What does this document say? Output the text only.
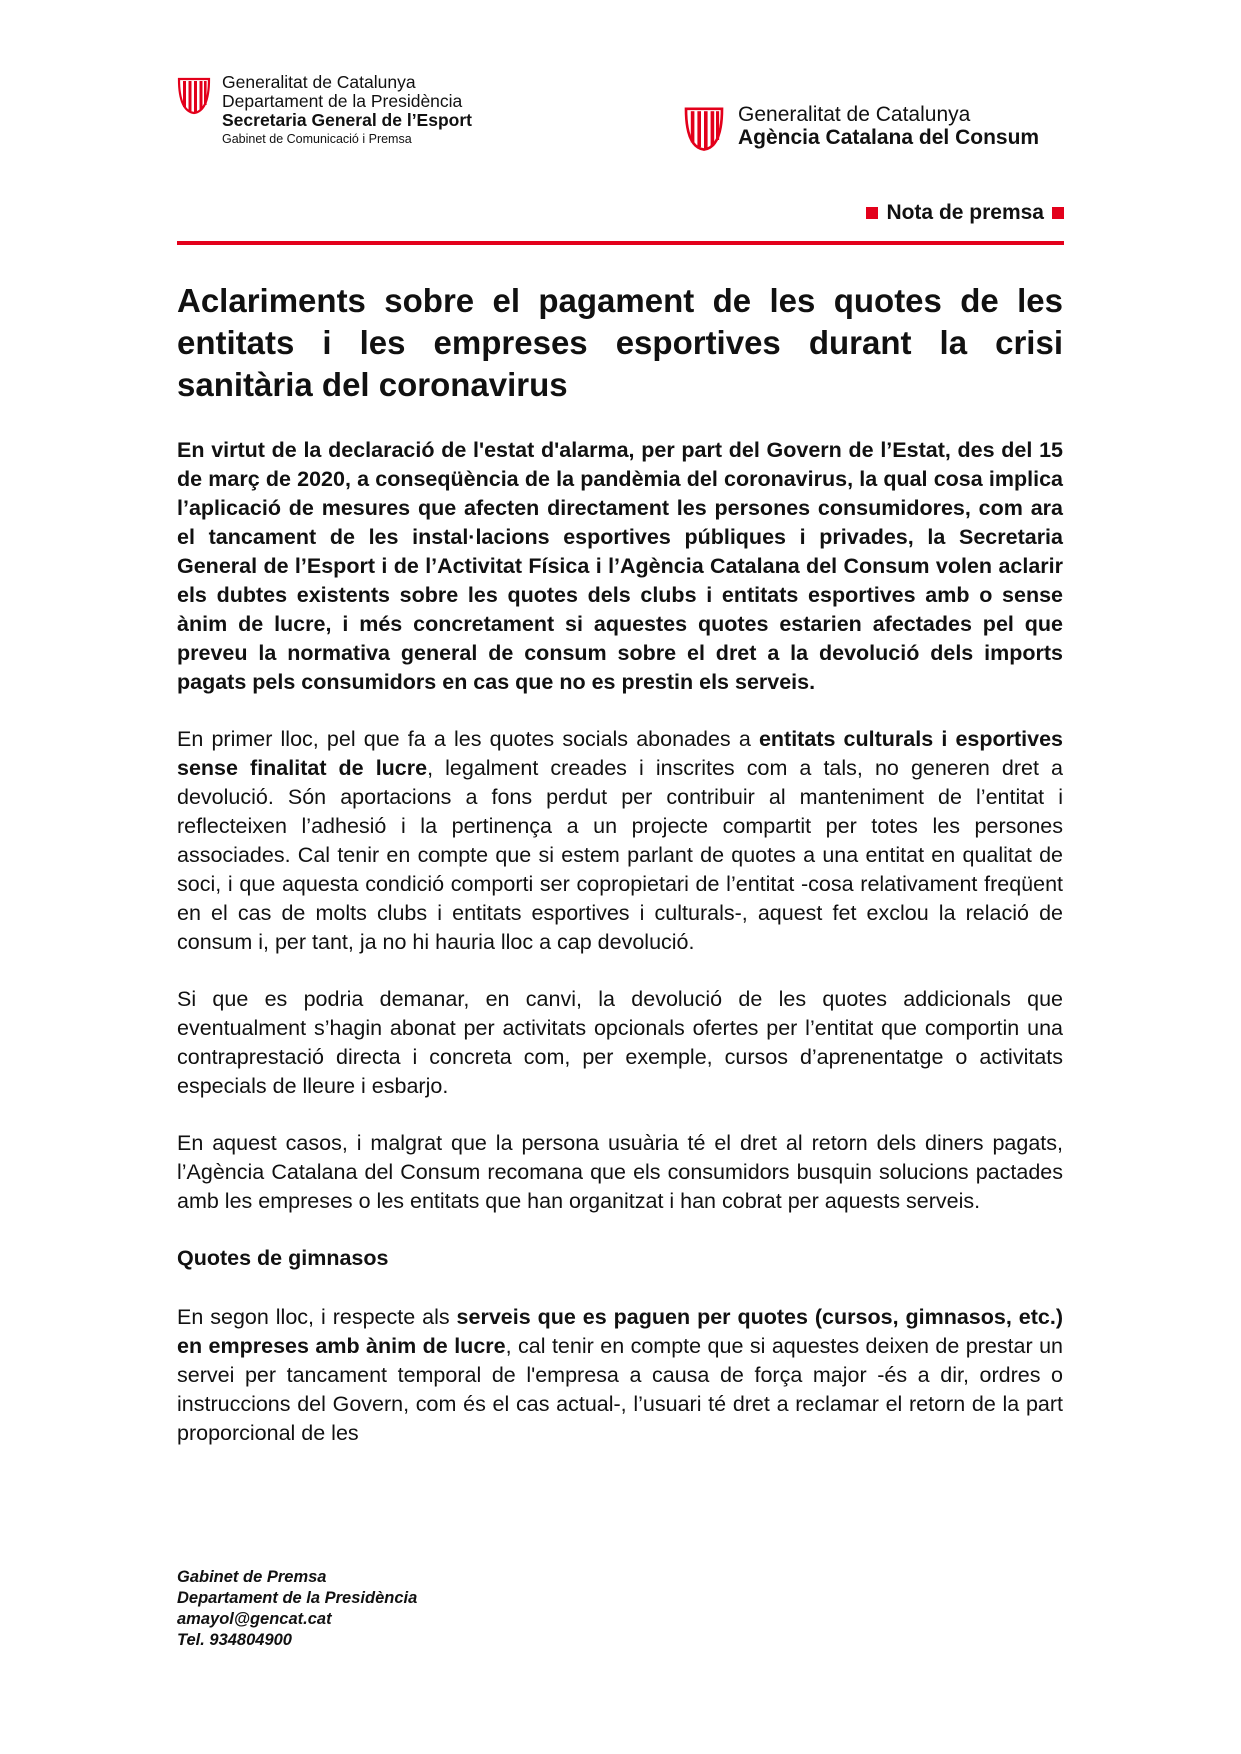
Generalitat de Catalunya
Departament de la Presidència
Secretaria General de l’Esport
Gabinet de Comunicació i Premsa
Generalitat de Catalunya
Agència Catalana del Consum
Nota de premsa
Aclariments sobre el pagament de les quotes de les entitats i les empreses esportives durant la crisi sanitària del coronavirus

En virtut de la declaració de l'estat d'alarma, per part del Govern de l’Estat, des del 15 de març de 2020, a conseqüència de la pandèmia del coronavirus, la qual cosa implica l’aplicació de mesures que afecten directament les persones consumidores, com ara el tancament de les instal·lacions esportives públiques i privades, la Secretaria General de l’Esport i de l’Activitat Física i l’Agència Catalana del Consum volen aclarir els dubtes existents sobre les quotes dels clubs i entitats esportives amb o sense ànim de lucre, i més concretament si aquestes quotes estarien afectades pel que preveu la normativa general de consum sobre el dret a la devolució dels imports pagats pels consumidors en cas que no es prestin els serveis.

En primer lloc, pel que fa a les quotes socials abonades a entitats culturals i esportives sense finalitat de lucre, legalment creades i inscrites com a tals, no generen dret a devolució. Són aportacions a fons perdut per contribuir al manteniment de l’entitat i reflecteixen l’adhesió i la pertinença a un projecte compartit per totes les persones associades. Cal tenir en compte que si estem parlant de quotes a una entitat en qualitat de soci, i que aquesta condició comporti ser copropietari de l’entitat -cosa relativament freqüent en el cas de molts clubs i entitats esportives i culturals-, aquest fet exclou la relació de consum i, per tant, ja no hi hauria lloc a cap devolució.

Si que es podria demanar, en canvi, la devolució de les quotes addicionals que eventualment s’hagin abonat per activitats opcionals ofertes per l’entitat que comportin una contraprestació directa i concreta com, per exemple, cursos d’aprenentatge o activitats especials de lleure i esbarjo.

En aquest casos, i malgrat que la persona usuària té el dret al retorn dels diners pagats, l’Agència Catalana del Consum recomana que els consumidors busquin solucions pactades amb les empreses o les entitats que han organitzat i han cobrat per aquests serveis.

Quotes de gimnasos

En segon lloc, i respecte als serveis que es paguen per quotes (cursos, gimnasos, etc.) en empreses amb ànim de lucre, cal tenir en compte que si aquestes deixen de prestar un servei per tancament temporal de l'empresa a causa de força major -és a dir, ordres o instruccions del Govern, com és el cas actual-, l’usuari té dret a reclamar el retorn de la part proporcional de les

Gabinet de Premsa
Departament de la Presidència
amayol@gencat.cat
Tel. 934804900
